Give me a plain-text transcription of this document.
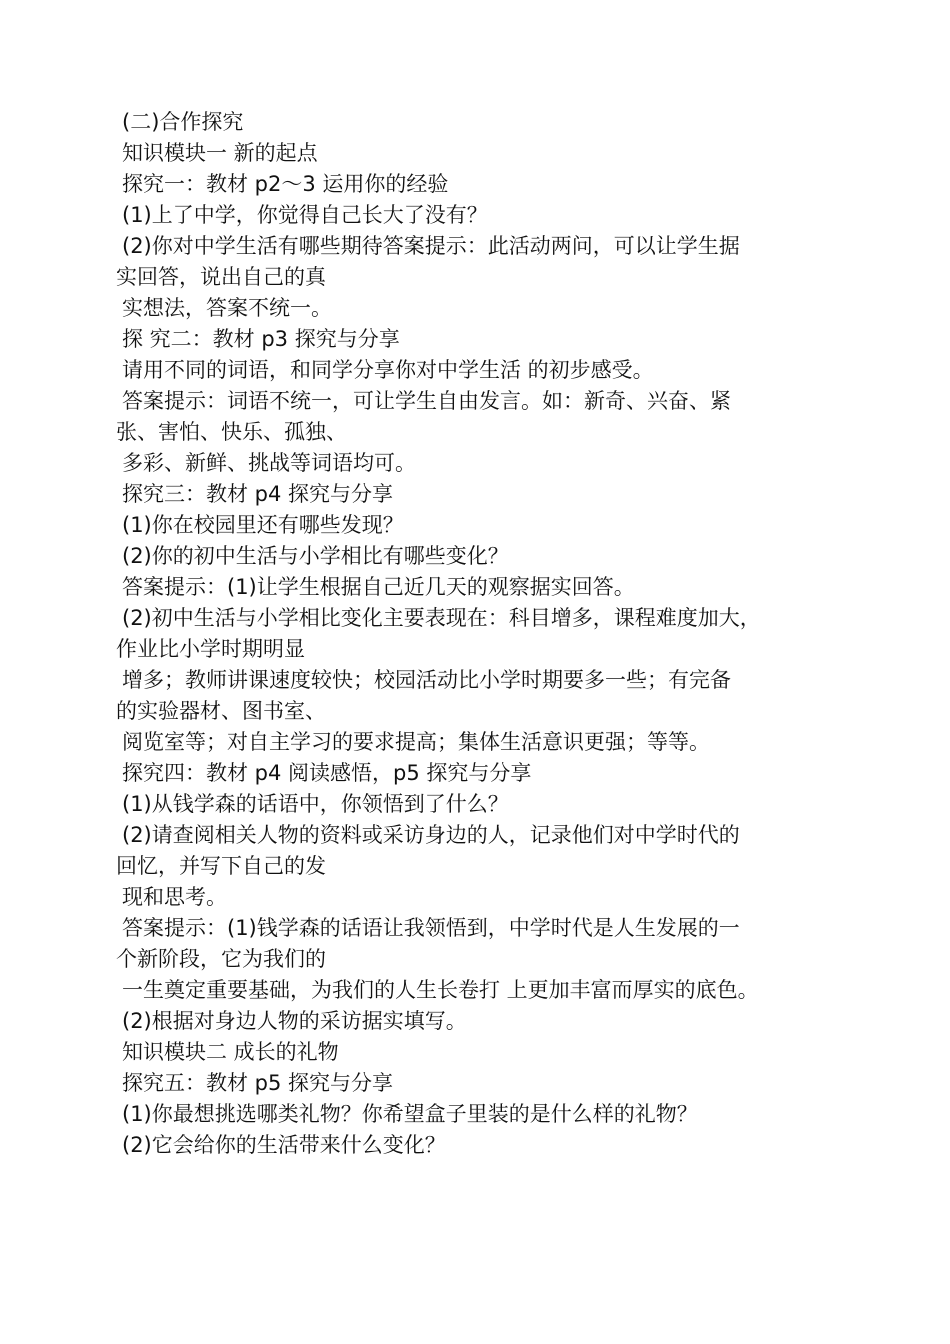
(二)合作探究
知识模块一 新的起点
探究一：教材 p2～3 运用你的经验
(1)上了中学，你觉得自己长大了没有？
(2)你对中学生活有哪些期待答案提示：此活动两问，可以让学生据
实回答，说出自己的真
实想法，答案不统一。
探 究二：教材 p3 探究与分享
请用不同的词语，和同学分享你对中学生活 的初步感受。
答案提示：词语不统一，可让学生自由发言。如：新奇、兴奋、紧
张、害怕、快乐、孤独、
多彩、新鲜、挑战等词语均可。
探究三：教材 p4 探究与分享
(1)你在校园里还有哪些发现？
(2)你的初中生活与小学相比有哪些变化？
答案提示：(1)让学生根据自己近几天的观察据实回答。
(2)初中生活与小学相比变化主要表现在：科目增多，课程难度加大，
作业比小学时期明显
增多；教师讲课速度较快；校园活动比小学时期要多一些；有完备
的实验器材、图书室、
阅览室等；对自主学习的要求提高；集体生活意识更强；等等。
探究四：教材 p4 阅读感悟，p5 探究与分享
(1)从钱学森的话语中，你领悟到了什么？
(2)请查阅相关人物的资料或采访身边的人，记录他们对中学时代的
回忆，并写下自己的发
现和思考。
答案提示：(1)钱学森的话语让我领悟到，中学时代是人生发展的一
个新阶段，它为我们的
一生奠定重要基础，为我们的人生长卷打 上更加丰富而厚实的底色。
(2)根据对身边人物的采访据实填写。
知识模块二 成长的礼物
探究五：教材 p5 探究与分享
(1)你最想挑选哪类礼物？你希望盒子里装的是什么样的礼物？
(2)它会给你的生活带来什么变化？
